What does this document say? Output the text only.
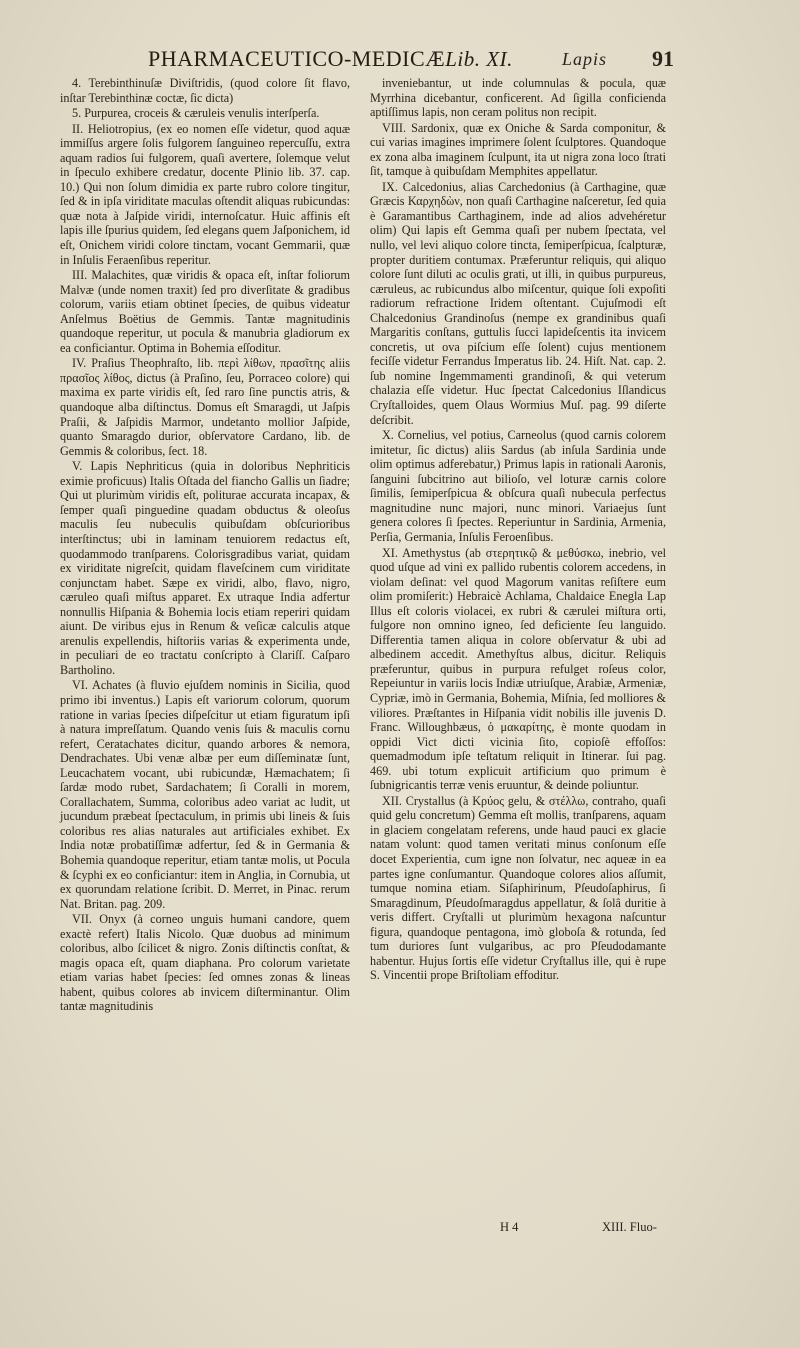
PHARMACEUTICO-MEDICÆLib. XI.	Lapis 91

4. Terebinthinuſæ Diviſtridis, (quod colore ſit flavo, inſtar Terebinthinæ coctæ, ſic dicta)

5. Purpurea, croceis & cæruleis venulis interſperſa.

II. Heliotropius, (ex eo nomen eſſe videtur, quod aquæ immiſſus argere ſolis fulgorem ſanguineo repercuſſu, extra aquam radios ſui fulgorem, quaſi avertere, ſolemque velut in ſpeculo exhibere credatur, docente Plinio lib. 37. cap. 10.) Qui non ſolum dimidia ex parte rubro colore tingitur, ſed & in ipſa viriditate maculas oſtendit aliquas rubicundas: quæ nota à Jaſpide viridi, internoſcatur. Huic affinis eſt lapis ille ſpurius quidem, ſed elegans quem Jaſponichem, id eſt, Onichem viridi colore tinctam, vocant Gemmarii, quæ in Inſulis Feraenſibus reperitur.

III. Malachites, quæ viridis & opaca eſt, inſtar foliorum Malvæ (unde nomen traxit) ſed pro diverſitate & gradibus colorum, variis etiam obtinet ſpecies, de quibus videatur Anſelmus Boëtius de Gemmis. Tantæ magnitudinis quandoque reperitur, ut pocula & manubria gladiorum ex ea conficiantur. Optima in Bohemia eſſoditur.

IV. Praſius Theophraſto, lib. περὶ λίθων, πρασῖτης aliis πρασῖος λίθος, dictus (à Praſino, ſeu, Porraceo colore) qui maxima ex parte viridis eſt, ſed raro ſine punctis atris, & quandoque alba diſtinctus. Domus eſt Smaragdi, ut Jaſpis Praſii, & Jaſpidis Marmor, undetanto mollior Jaſpide, quanto Smaragdo durior, obſervatore Cardano, lib. de Gemmis & coloribus, ſect. 18.

V. Lapis Nephriticus (quia in doloribus Nephriticis eximie proficuus) Italis Oſtada del fiancho Gallis un ſiadre; Qui ut plurimùm viridis eſt, politurae accurata incapax, & ſemper quaſi pinguedine quadam obductus & oleoſus maculis ſeu nubeculis quibuſdam obſcurioribus interſtinctus; ubi in laminam tenuiorem redactus eſt, quodammodo tranſparens. Colorisgradibus variat, quidam ex viriditate nigreſcit, quidam flaveſcinem cum viriditate conjunctam habet. Sæpe ex viridi, albo, flavo, nigro, cæruleo quaſi miſtus apparet. Ex utraque India adfertur nonnullis Hiſpania & Bohemia locis etiam reperiri quidam aiunt. De viribus ejus in Renum & veſicæ calculis atque arenulis expellendis, hiſtoriis varias & experimenta unde, in peculiari de eo tractatu conſcripto à Clariſſ. Caſparo Bartholino.

VI. Achates (à fluvio ejuſdem nominis in Sicilia, quod primo ibi inventus.) Lapis eſt variorum colorum, quorum ratione in varias ſpecies diſpeſcitur ut etiam figuratum ipſi à natura impreſſatum. Quando venis ſuis & maculis cornu refert, Ceratachates dicitur, quando arbores & nemora, Dendrachates. Ubi venæ albæ per eum diſſeminatæ ſunt, Leucachatem vocant, ubi rubicundæ, Hæmachatem; ſi ſardæ modo rubet, Sardachatem; ſi Coralli in morem, Corallachatem, Summa, coloribus adeo variat ac ludit, ut jucundum præbeat ſpectaculum, in primis ubi lineis & ſuis coloribus res alias naturales aut artificiales exhibet. Ex India notæ probatiſſimæ adfertur, ſed & in Germania & Bohemia quandoque reperitur, etiam tantæ molis, ut Pocula & ſcyphi ex eo conficiantur: item in Anglia, in Cornubia, ut ex quorundam relatione ſcribit. D. Merret, in Pinac. rerum Nat. Britan. pag. 209.

VII. Onyx (à corneo unguis humani candore, quem exactè refert) Italis Nicolo. Quæ duobus ad minimum coloribus, albo ſcilicet & nigro. Zonis diſtinctis conſtat, & magis opaca eſt, quam diaphana. Pro colorum varietate etiam varias habet ſpecies: ſed omnes zonas & lineas habent, quibus colores ab invicem diſterminantur. Olim tantæ magnitudinis

inveniebantur, ut inde columnulas & pocula, quæ Myrrhina dicebantur, conficerent. Ad ſigilla conficienda aptiſſimus lapis, non ceram politus non recipit.

VIII. Sardonix, quæ ex Oniche & Sarda componitur, & cui varias imagines imprimere ſolent ſculptores. Quandoque ex zona alba imaginem ſculpunt, ita ut nigra zona loco ſtrati ſit, tamque à quibuſdam Memphites appellatur.

IX. Calcedonius, alias Carchedonius (à Carthagine, quæ Græcis Καρχηδὼν, non quaſi Carthagine naſceretur, ſed quia è Garamantibus Carthaginem, inde ad alios advehéretur olim) Qui lapis eſt Gemma quaſi per nubem ſpectata, vel nullo, vel levi aliquo colore tincta, ſemiperſpicua, ſcalpturæ, propter duritiem contumax. Præferuntur reliquis, qui aliquo colore ſunt diluti ac oculis grati, ut illi, in quibus purpureus, cæruleus, ac rubicundus albo miſcentur, quique ſoli expoſiti radiorum refractione Iridem oſtentant. Cujuſmodi eſt Chalcedonius Grandinoſus (nempe ex grandinibus quaſi Margaritis conſtans, guttulis ſucci lapideſcentis ita invicem concretis, ut ova piſcium eſſe ſolent) cujus mentionem feciſſe videtur Ferrandus Imperatus lib. 24. Hiſt. Nat. cap. 2. ſub nomine Ingemmamenti grandinoſi, & qui veterum chalazia eſſe videtur. Huc ſpectat Calcedonius Iſlandicus Cryſtalloides, quem Olaus Wormius Muſ. pag. 99 diſerte deſcribit.

X. Cornelius, vel potius, Carneolus (quod carnis colorem imitetur, ſic dictus) aliis Sardus (ab inſula Sardinia unde olim optimus adferebatur,) Primus lapis in rationali Aaronis, ſanguini ſubcitrino aut bilioſo, vel loturæ carnis colore ſimilis, ſemiperſpicua & obſcura quaſi nubecula perfectus magnitudine nunc majori, nunc minori. Variaejus ſunt genera colores ſi ſpectes. Reperiuntur in Sardinia, Armenia, Perſia, Germania, Inſulis Feroenſibus.

XI. Amethystus (ab στερητικῷ & μεθύσκω, inebrio, vel quod uſque ad vini ex pallido rubentis colorem accedens, in violam deſinat: vel quod Magorum vanitas reſiſtere eum olim promiſerit:) Hebraicè Achlama, Chaldaice Enegla Lap Illus eſt coloris violacei, ex rubri & cærulei miſtura orti, fulgore non omnino igneo, ſed deficiente ſeu languido. Differentia tamen aliqua in colore obſervatur & ubi ad albedinem accedit. Amethyſtus albus, dicitur. Reliquis præferuntur, quibus in purpura refulget roſeus color, Repeiuntur in variis locis Indiæ utriuſque, Arabiæ, Armeniæ, Cypriæ, imò in Germania, Bohemia, Miſnia, ſed molliores & viliores. Præſtantes in Hiſpania vidit nobilis ille juvenis D. Franc. Willoughbæus, ὁ μακαρίτης, è monte quodam in oppidi Vict dicti vicinia ſito, copioſè effoſſos: quemadmodum ipſe teſtatum reliquit in Itinerar. ſui pag. 469. ubi totum explicuit artificium quo primum è ſubnigricantis terræ venis eruuntur, & deinde poliuntur.

XII. Crystallus (à Κρύος gelu, & στέλλω, contraho, quaſi quid gelu concretum) Gemma eſt mollis, tranſparens, aquam in glaciem congelatam referens, unde haud pauci ex glacie natam volunt: quod tamen veritati minus conſonum eſſe docet Experientia, cum igne non ſolvatur, nec aqueæ in ea partes igne conſumantur. Quandoque colores alios aſſumit, tumque nomina etiam. Siſaphirinum, Pſeudoſaphirus, ſi Smaragdinum, Pſeudoſmaragdus appellatur, & ſolâ duritie à veris differt. Cryſtalli ut plurimùm hexagona naſcuntur figura, quandoque pentagona, imò globoſa & rotunda, ſed tum duriores ſunt vulgaribus, ac pro Pſeudodamante habentur. Hujus ſortis eſſe videtur Cryſtallus ille, qui è rupe S. Vincentii prope Briſtoliam effoditur.

H 4	XIII. Fluo-
